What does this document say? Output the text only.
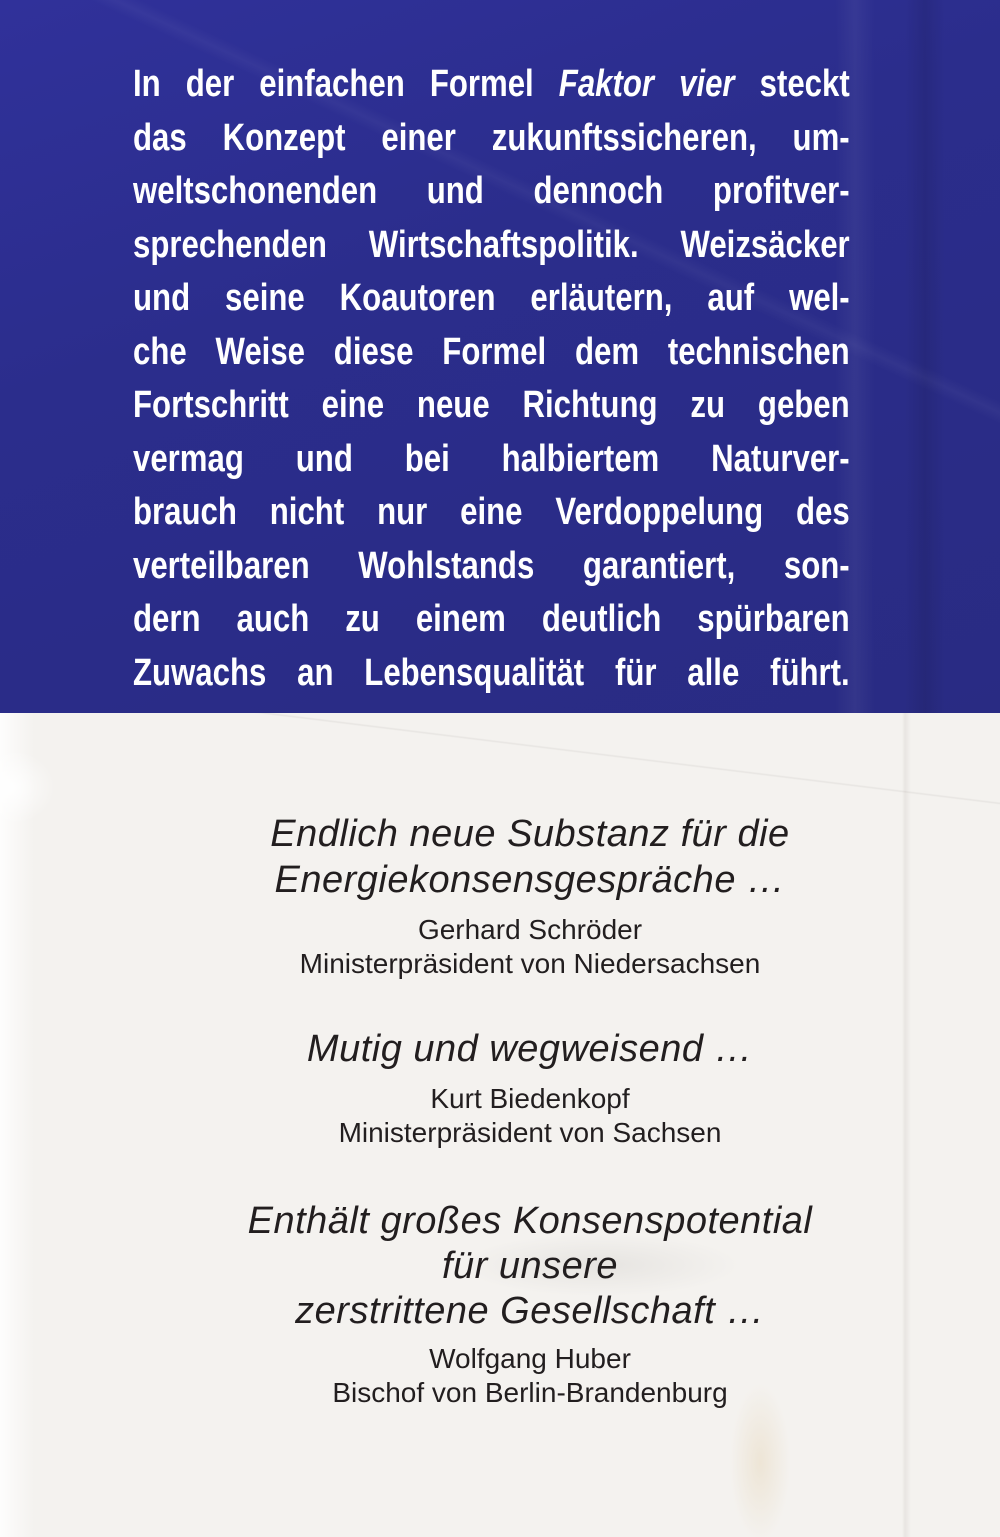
In der einfachen Formel Faktor vier steckt
das Konzept einer zukunftssicheren, um-
weltschonenden und dennoch profitver-
sprechenden Wirtschaftspolitik. Weizsäcker
und seine Koautoren erläutern, auf wel-
che Weise diese Formel dem technischen
Fortschritt eine neue Richtung zu geben
vermag und bei halbiertem Naturver-
brauch nicht nur eine Verdoppelung des
verteilbaren Wohlstands garantiert, son-
dern auch zu einem deutlich spürbaren
Zuwachs an Lebensqualität für alle führt.
Endlich neue Substanz für die
Energiekonsensgespräche …
Gerhard Schröder
Ministerpräsident von Niedersachsen
Mutig und wegweisend …
Kurt Biedenkopf
Ministerpräsident von Sachsen
Enthält großes Konsenspotential
für unsere
zerstrittene Gesellschaft …
Wolfgang Huber
Bischof von Berlin-Brandenburg
